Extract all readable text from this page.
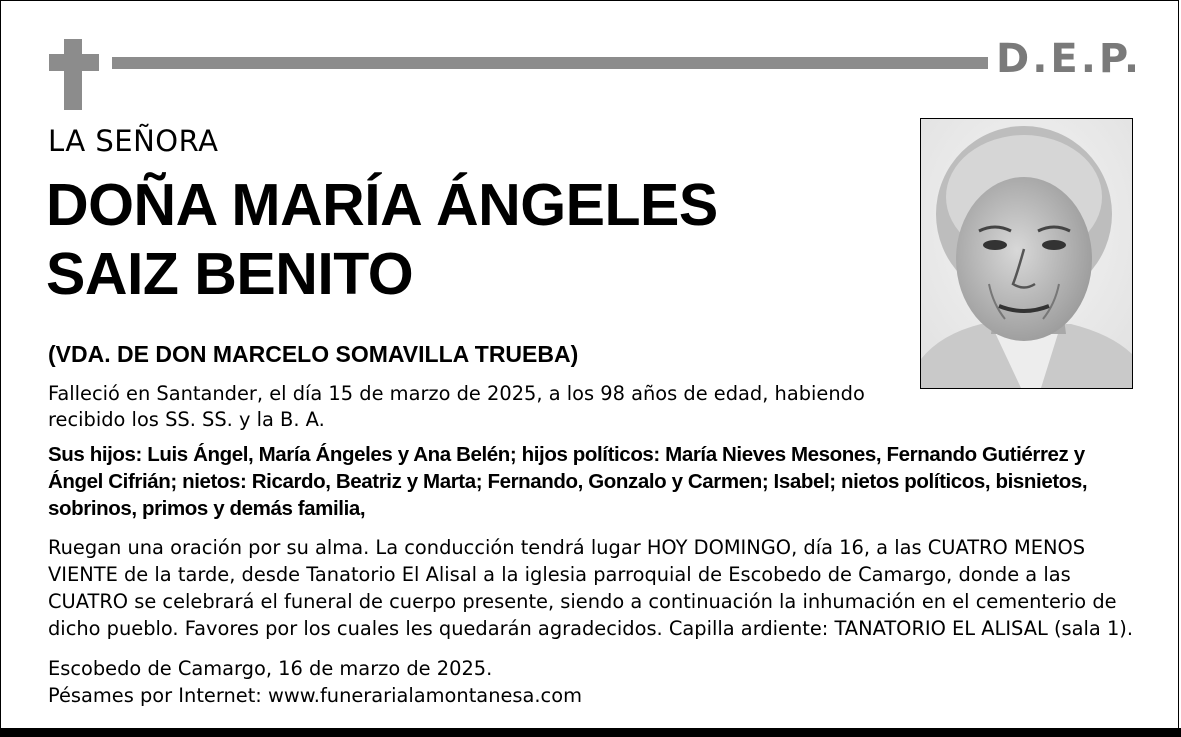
D.E.P.
LA SEÑORA
DOÑA MARÍA ÁNGELES
SAIZ BENITO
(VDA. DE DON MARCELO SOMAVILLA TRUEBA)
Falleció en Santander, el día 15 de marzo de 2025, a los 98 años de edad, habiendo
recibido los SS. SS. y la B. A.
Sus hijos: Luis Ángel, María Ángeles y Ana Belén; hijos políticos: María Nieves Mesones, Fernando Gutiérrez y
Ángel Cifrián; nietos: Ricardo, Beatriz y Marta; Fernando, Gonzalo y Carmen; Isabel; nietos políticos, bisnietos,
sobrinos, primos y demás familia,
Ruegan una oración por su alma. La conducción tendrá lugar HOY DOMINGO, día 16, a las CUATRO MENOS
VIENTE de la tarde, desde Tanatorio El Alisal a la iglesia parroquial de Escobedo de Camargo, donde a las
CUATRO se celebrará el funeral de cuerpo presente, siendo a continuación la inhumación en el cementerio de
dicho pueblo. Favores por los cuales les quedarán agradecidos. Capilla ardiente: TANATORIO EL ALISAL (sala 1).
Escobedo de Camargo, 16 de marzo de 2025.
Pésames por Internet: www.funerarialamontanesa.com
